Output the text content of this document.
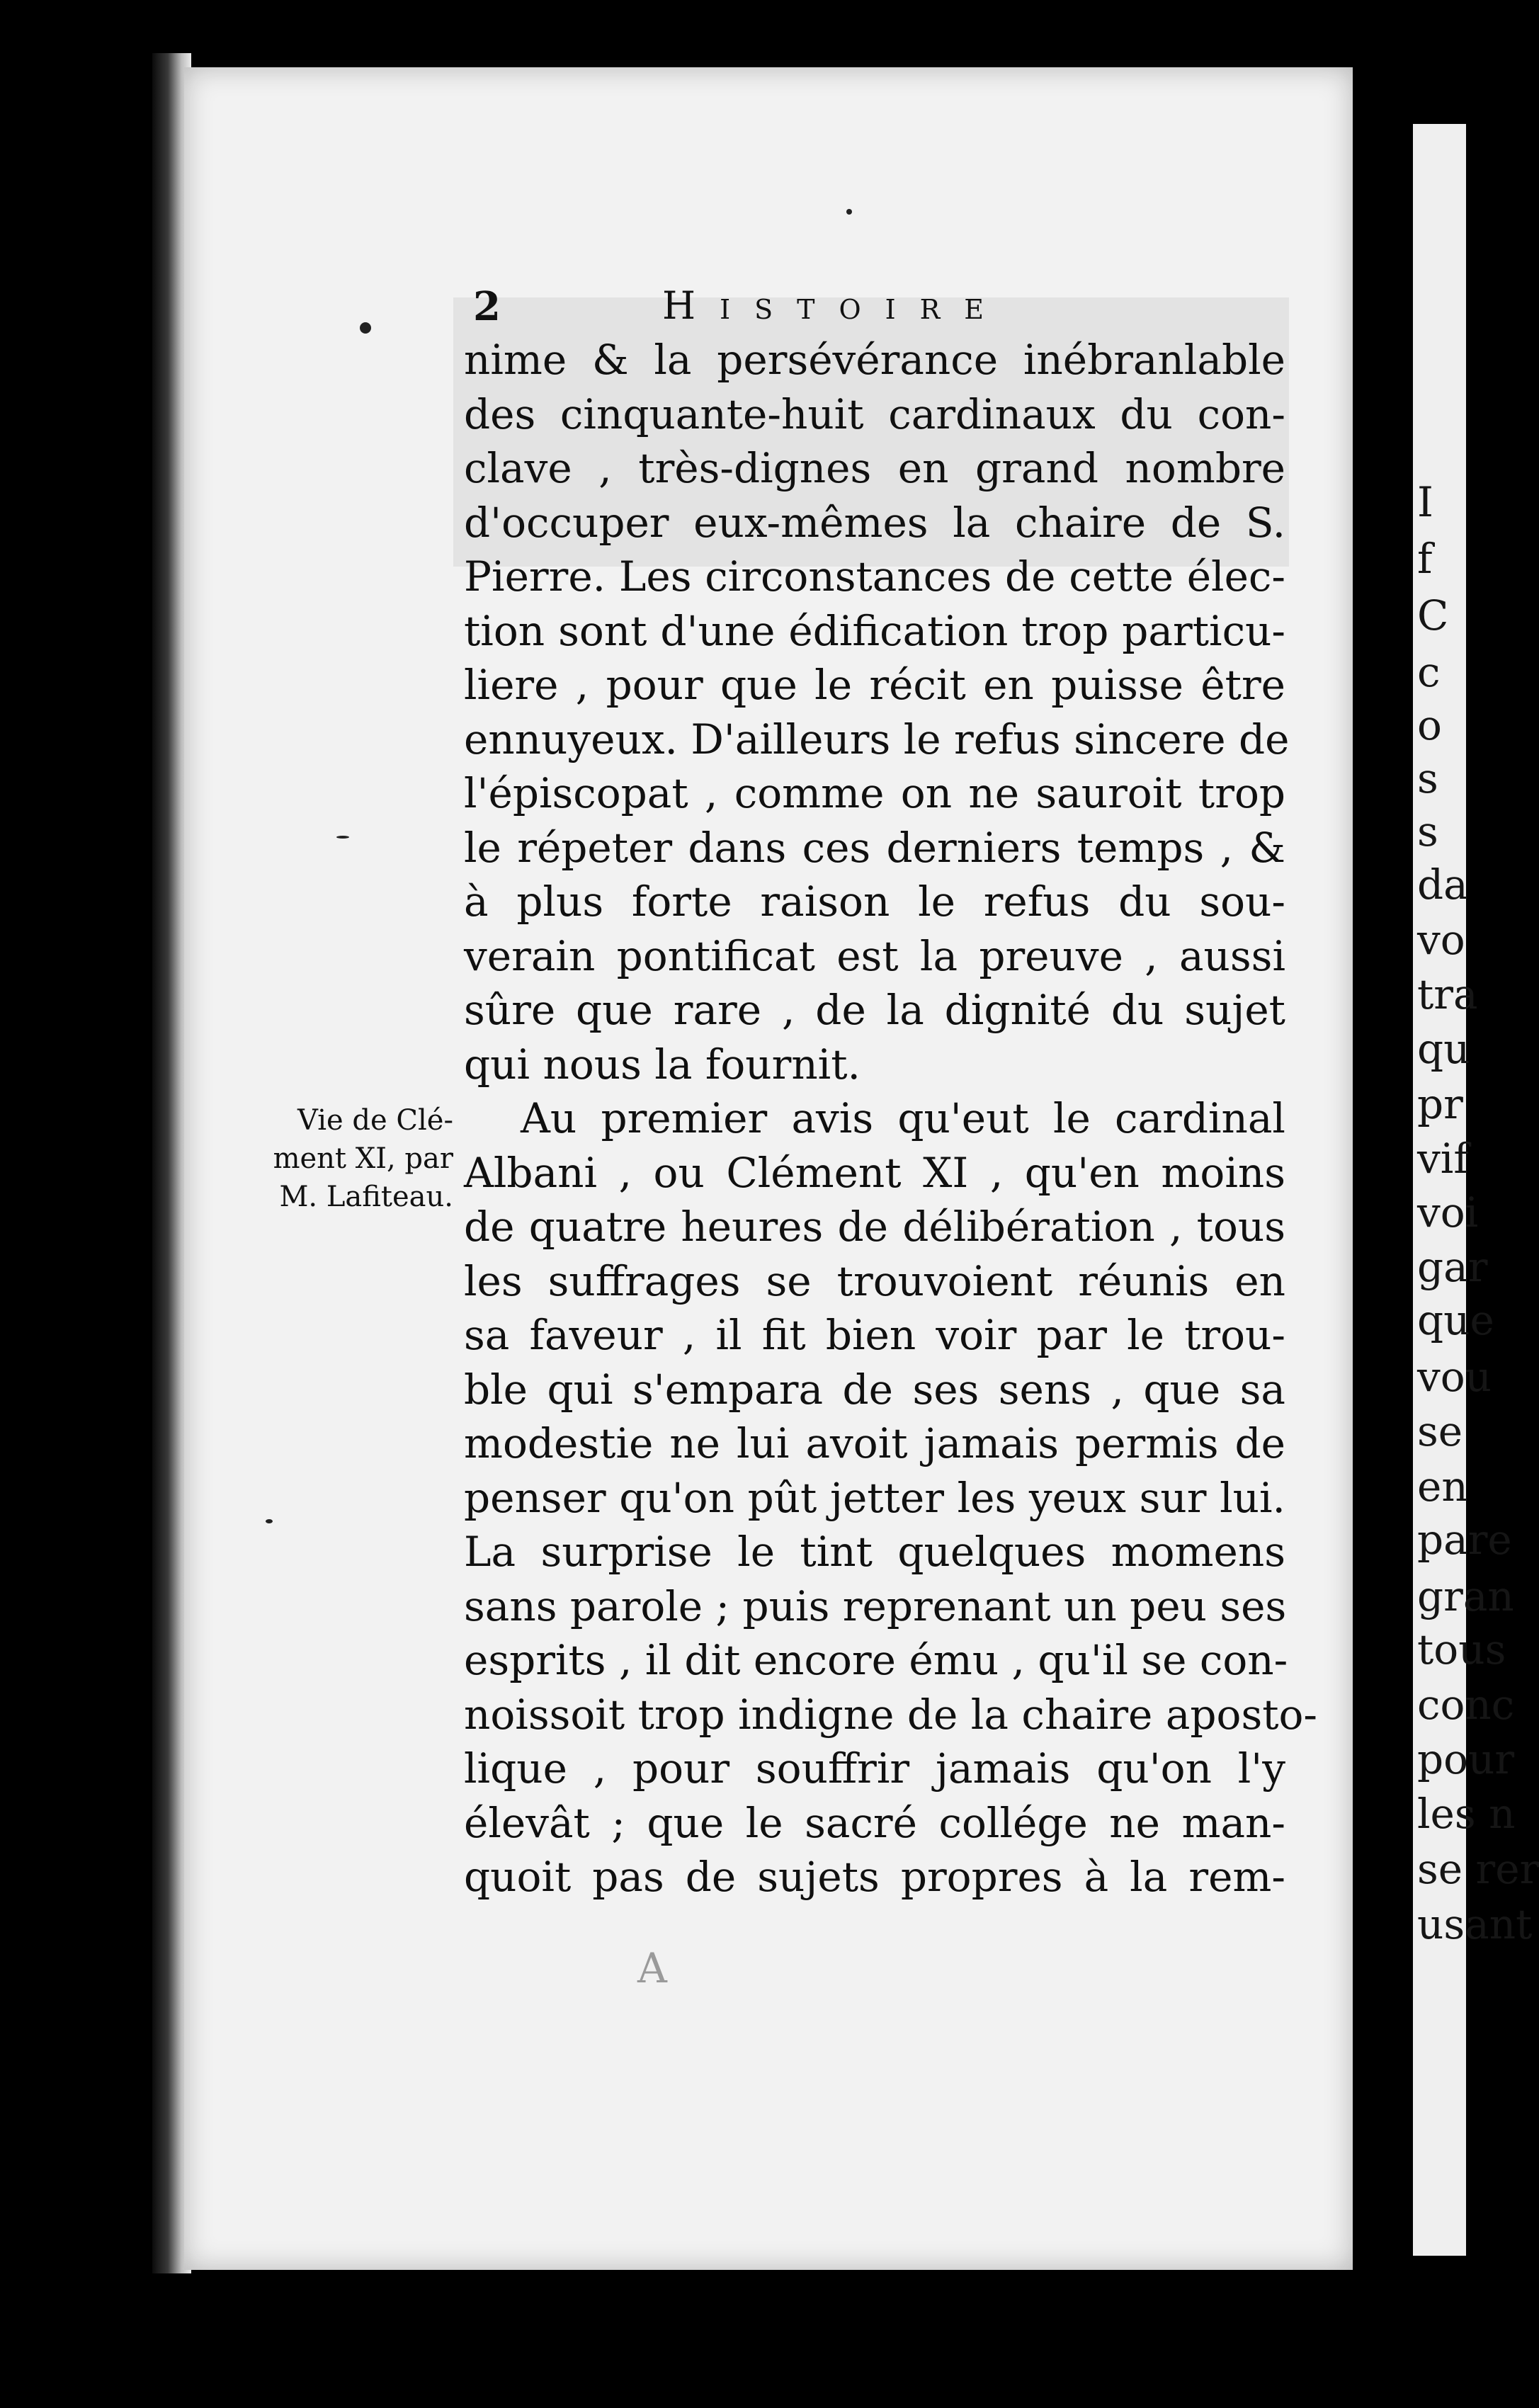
2	Histoire
Vie de Clé-
ment XI, par
M. Lafiteau.
nime & la persévérance inébranlable
des cinquante-huit cardinaux du con-
clave , très-dignes en grand nombre
d'occuper eux-mêmes la chaire de S.
Pierre. Les circonstances de cette élec-
tion sont d'une édification trop particu-
liere , pour que le récit en puisse être
ennuyeux. D'ailleurs le refus sincere de
l'épiscopat , comme on ne sauroit trop
le répeter dans ces derniers temps , &
à plus forte raison le refus du sou-
verain pontificat est la preuve , aussi
sûre que rare , de la dignité du sujet
qui nous la fournit.
Au premier avis qu'eut le cardinal
Albani , ou Clément XI , qu'en moins
de quatre heures de délibération , tous
les suffrages se trouvoient réunis en
sa faveur , il fit bien voir par le trou-
ble qui s'empara de ses sens , que sa
modestie ne lui avoit jamais permis de
penser qu'on pût jetter les yeux sur lui.
La surprise le tint quelques momens
sans parole ; puis reprenant un peu ses
esprits , il dit encore ému , qu'il se con-
noissoit trop indigne de la chaire aposto-
lique , pour souffrir jamais qu'on l'y
élevât ; que le sacré collége ne man-
quoit pas de sujets propres à la rem-
A
I
f
C
c
o
s
s
da
vo
tra
qu
pr
vif
voi
gar
que
vou
se
en
pare
gran
tous
conc
pour
les n
se rer
usant
